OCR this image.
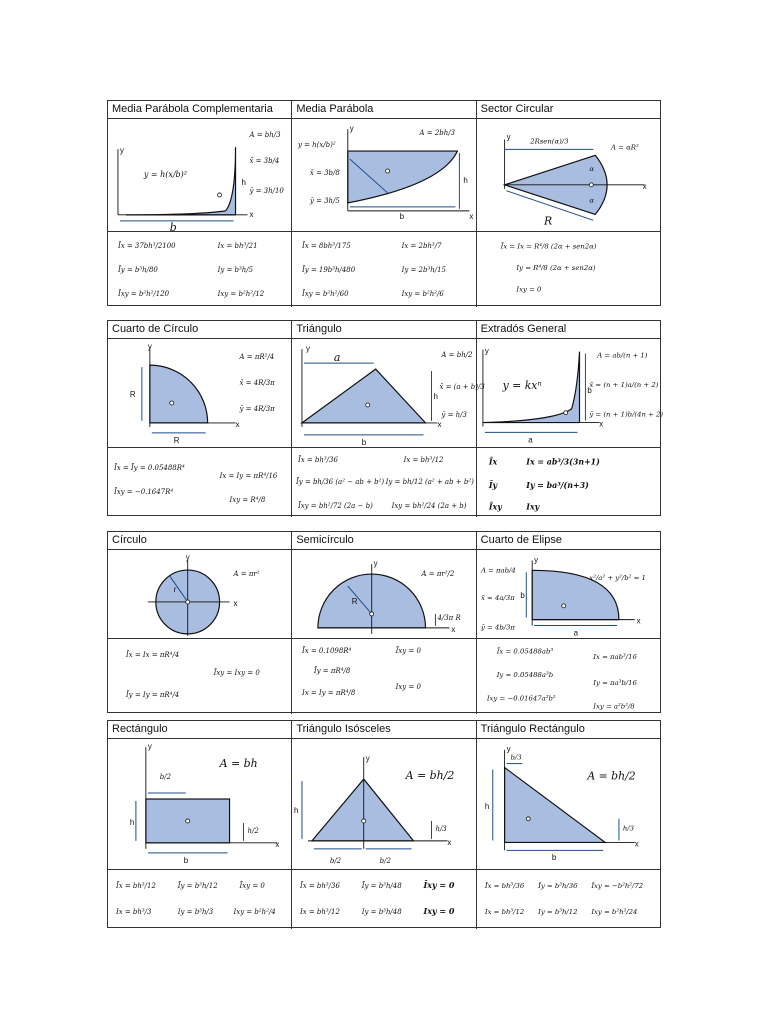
Media Parábola Complementaria	Media Parábola	Sector Circular
y
x
b
h
y = h(x/b)²
A = bh/3
x̄ = 3b/4
ȳ = 3h/10
y
x
b
h
y = h(x/b)²
A = 2bh/3
x̄ = 3b/8
ȳ = 3h/5
y
x
R
α
α
2Rsen(α)/3
A = αR²
Īx = 37bh³/2100	Ix = bh³/21
Īy = b³h/80	Iy = b³h/5
Īxy = b²h²/120	Ixy = b²h²/12
Īx = 8bh³/175	Ix = 2bh³/7
Īy = 19b³h/480	Iy = 2b³h/15
Īxy = b²h²/60	Ixy = b²h²/6
Īx = Ix = R⁴/8 (2α + sen2α)
Iy = R⁴/8 (2α + sen2α)
Ixy = 0
Cuarto de Círculo	Triángulo	Extradós General
y
x
R
R
A = πR²/4
x̄ = 4R/3π
ȳ = 4R/3π
y
x
a
b
h
A = bh/2
x̄ = (a + b)/3
ȳ = h/3
y
x
a
b
y = kxⁿ
A = ab/(n + 1)
x̄ = (n + 1)a/(n + 2)
ȳ = (n + 1)b/(4n + 2)
Īx = Īy = 0.05488R⁴
Ix = Iy = πR⁴/16
Īxy = −0.1647R⁴
Ixy = R⁴/8
Īx = bh³/36	Ix = bh³/12
Īy = bh/36 (a² − ab + b²) Iy = bh/12 (a² + ab + b²)
Īxy = bh²/72 (2a − b)	Ixy = bh²/24 (2a + b)
Īx	Ix = ab³/3(3n+1)
Īy	Iy = ba³/(n+3)
Īxy	Ixy
Círculo	Semicírculo	Cuarto de Elipse
y
x
r
A = πr²
y
x
R
A = πr²/2
4/3π R
y
x
a
b
x²/a² + y²/b² = 1
A = πab/4
x̄ = 4a/3π
ȳ = 4b/3π
Īx = Ix = πR⁴/4
Īxy = Ixy = 0
Īy = Iy = πR⁴/4
Īx = 0.1098R⁴	Īxy = 0
Īy = πR⁴/8
Ix = Iy = πR⁴/8
Ixy = 0
Īx = 0.05488ab³
Ix = πab³/16
Iy = 0.05488a³b
Iy = πa³b/16
Ixy = −0.01647a²b²
Ixy = a²b²/8
Rectángulo	Triángulo Isósceles	Triángulo Rectángulo
y
x
b/2
h
h/2
b
A = bh	y
x
h
h/3
b/2	b/2
A = bh/2
y
x
b/3
h
h/3
b
A = bh/2
Īx = bh³/12	Īy = b³h/12	Īxy = 0
Ix = bh³/3	Iy = b³h/3	Ixy = b²h²/4
Īx = bh³/36	Īy = b³h/48	Īxy = 0
Ix = bh³/12	Iy = b³h/48	Ixy = 0
Īx = bh³/36 Īy = b³h/36 Īxy = −b²h²/72
Ix = bh³/12 Iy = b³h/12 Ixy = b²h²/24
